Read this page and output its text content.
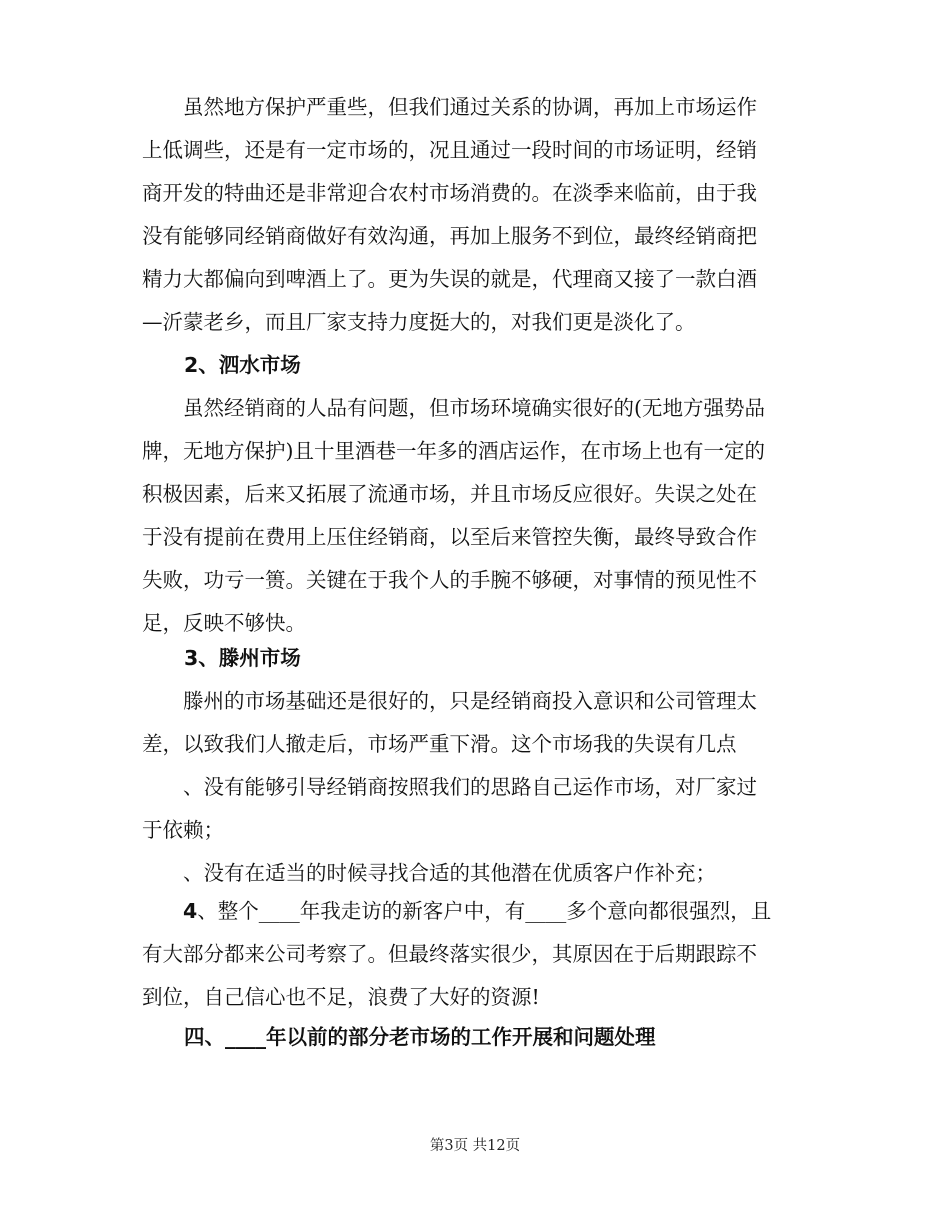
虽然地方保护严重些，但我们通过关系的协调，再加上市场运作
上低调些，还是有一定市场的，况且通过一段时间的市场证明，经销
商开发的特曲还是非常迎合农村市场消费的。在淡季来临前，由于我
没有能够同经销商做好有效沟通，再加上服务不到位，最终经销商把
精力大都偏向到啤酒上了。更为失误的就是，代理商又接了一款白酒
—沂蒙老乡，而且厂家支持力度挺大的，对我们更是淡化了。
2、泗水市场
虽然经销商的人品有问题，但市场环境确实很好的(无地方强势品
牌，无地方保护)且十里酒巷一年多的酒店运作，在市场上也有一定的
积极因素，后来又拓展了流通市场，并且市场反应很好。失误之处在
于没有提前在费用上压住经销商，以至后来管控失衡，最终导致合作
失败，功亏一篑。关键在于我个人的手腕不够硬，对事情的预见性不
足，反映不够快。
3、滕州市场
滕州的市场基础还是很好的，只是经销商投入意识和公司管理太
差，以致我们人撤走后，市场严重下滑。这个市场我的失误有几点
、没有能够引导经销商按照我们的思路自己运作市场，对厂家过
于依赖；
、没有在适当的时候寻找合适的其他潜在优质客户作补充；
4、整个____年我走访的新客户中，有____多个意向都很强烈，且
有大部分都来公司考察了。但最终落实很少，其原因在于后期跟踪不
到位，自己信心也不足，浪费了大好的资源!
四、____年以前的部分老市场的工作开展和问题处理
第3页 共12页
